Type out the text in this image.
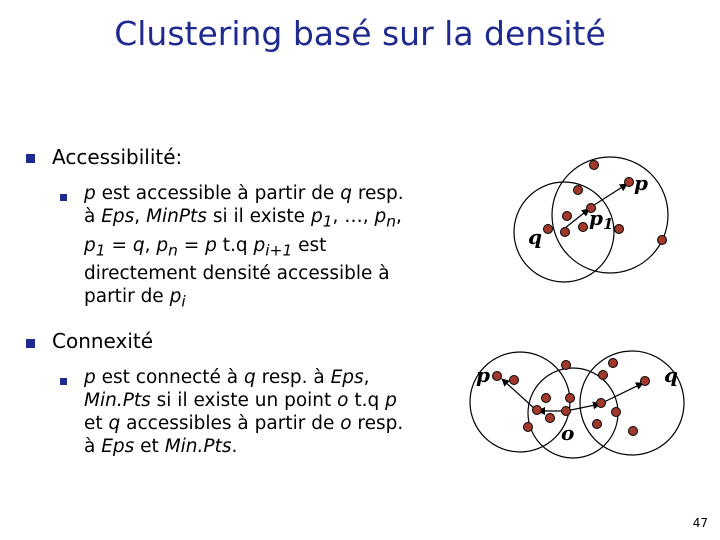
Clustering basé sur la densité
Accessibilité:
p est accessible à partir de q resp.
à Eps, MinPts si il existe $p_1$, …, $p_n$,
$p_1 = q$, $p_n = p$ t.q $p_{i+1}$ est
directement densité accessible à
partir de $p_i$
Connexité
p est connecté à q resp. à Eps,
Min.Pts si il existe un point o t.q p
et q accessibles à partir de o resp.
à Eps et Min.Pts.
p
q
$p_1$
p	q
o
47
